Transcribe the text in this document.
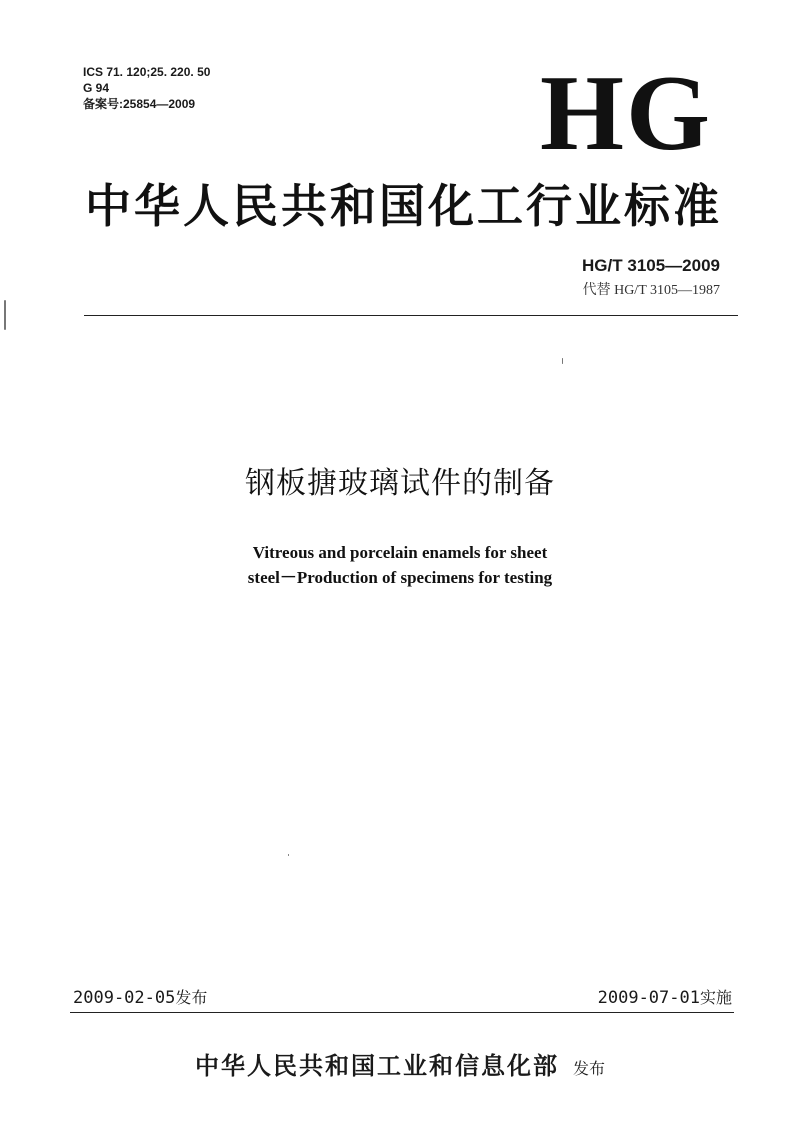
ICS 71. 120;25. 220. 50
G 94
备案号:25854—2009	HG
中华人民共和国化工行业标准
HG/T 3105—2009
代替 HG/T 3105—1987
钢板搪玻璃试件的制备
Vitreous and porcelain enamels for sheet
steel－Production of specimens for testing
2009-02-05发布	2009-07-01实施
中华人民共和国工业和信息化部 发布
